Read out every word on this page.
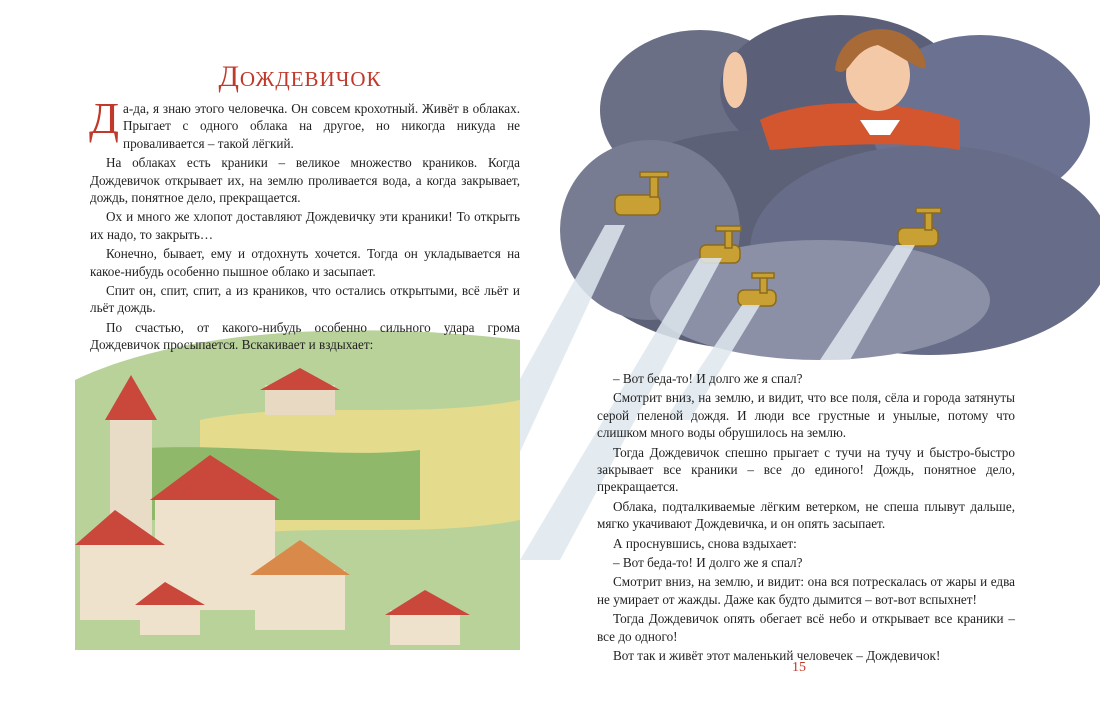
Дождевичок

Да-да, я знаю этого человечка. Он совсем крохотный. Живёт в облаках. Прыгает с одного облака на другое, но никогда никуда не проваливается – такой лёгкий.

На облаках есть краники – великое множество краников. Когда Дождевичок открывает их, на землю проливается вода, а когда закрывает, дождь, понятное дело, прекращается.

Ох и много же хлопот доставляют Дождевичку эти краники! То открыть их надо, то закрыть…

Конечно, бывает, ему и отдохнуть хочется. Тогда он укладывается на какое-нибудь особенно пышное облако и засыпает.

Спит он, спит, спит, а из краников, что остались открытыми, всё льёт и льёт дождь.

По счастью, от какого-нибудь особенно сильного удара грома Дождевичок просыпается. Вскакивает и вздыхает:

– Вот беда-то! И долго же я спал?

Смотрит вниз, на землю, и видит, что все поля, сёла и города затянуты серой пеленой дождя. И люди все грустные и унылые, потому что слишком много воды обрушилось на землю.

Тогда Дождевичок спешно прыгает с тучи на тучу и быстро-быстро закрывает все краники – все до единого! Дождь, понятное дело, прекращается.

Облака, подталкиваемые лёгким ветерком, не спеша плывут дальше, мягко укачивают Дождевичка, и он опять засыпает.

А проснувшись, снова вздыхает:

– Вот беда-то! И долго же я спал?

Смотрит вниз, на землю, и видит: она вся потрескалась от жары и едва не умирает от жажды. Даже как будто дымится – вот-вот вспыхнет!

Тогда Дождевичок опять обегает всё небо и открывает все краники – все до одного!

Вот так и живёт этот маленький человечек – Дождевичок!

15
